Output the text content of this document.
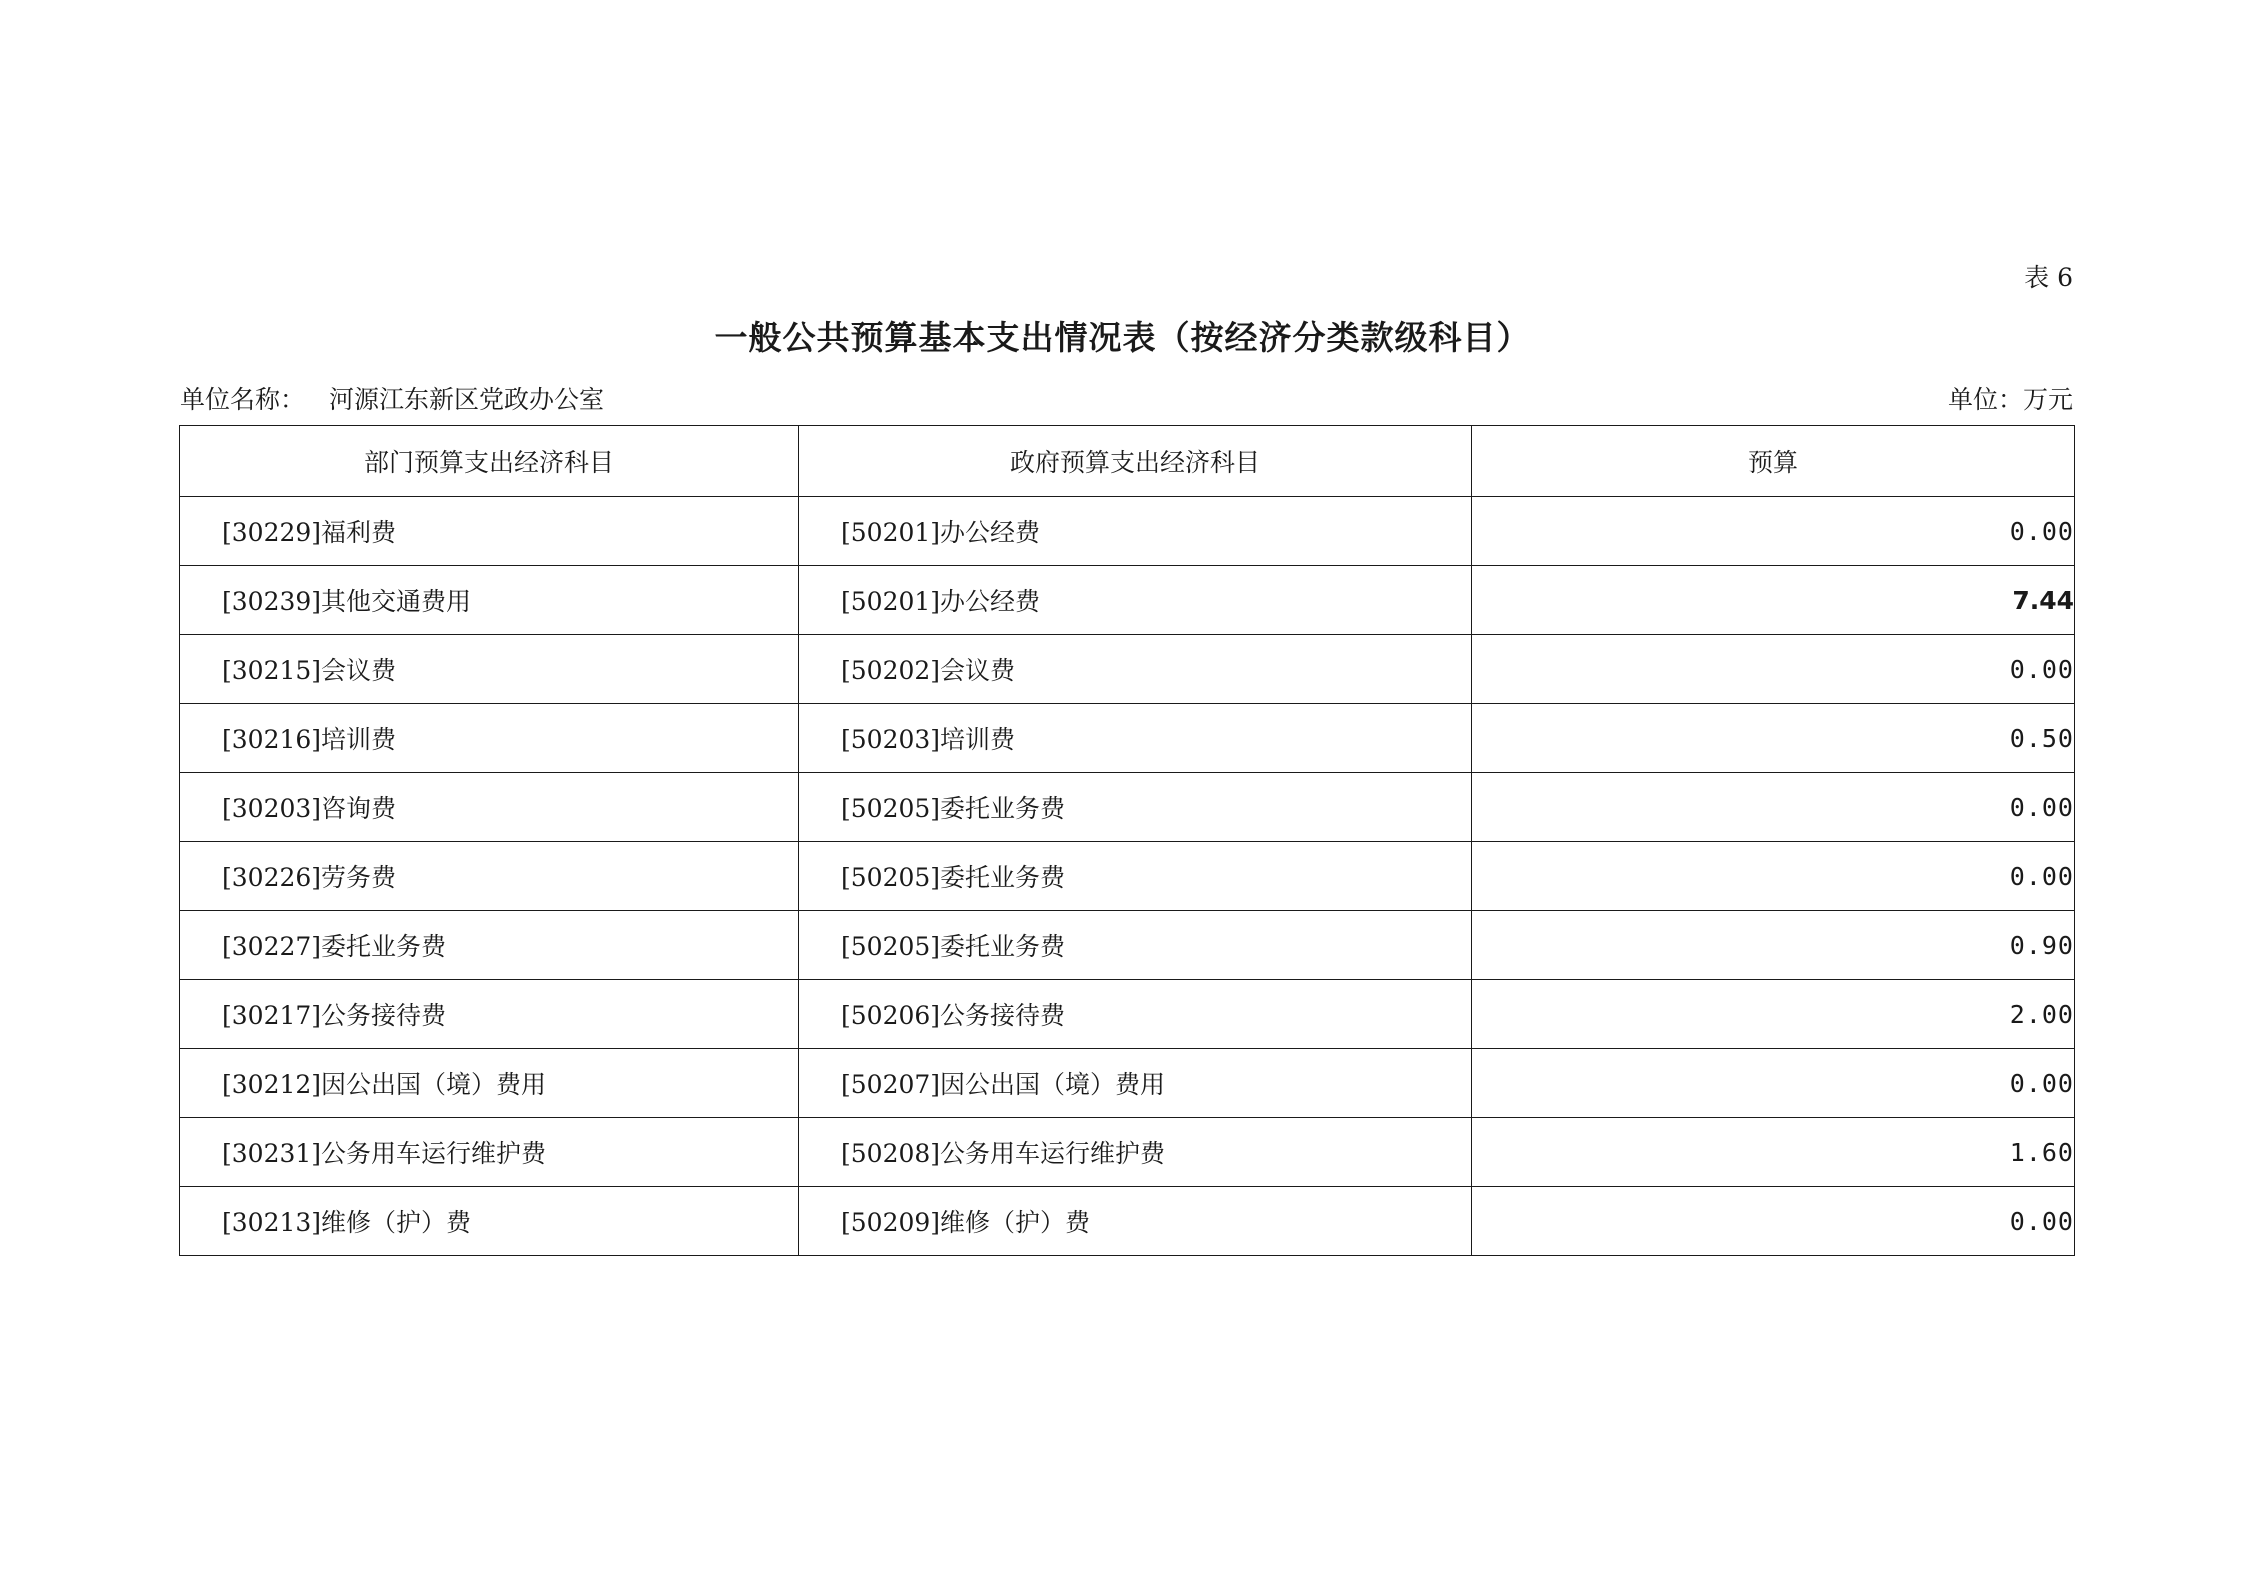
表 6
一般公共预算基本支出情况表（按经济分类款级科目）
单位名称： 河源江东新区党政办公室	单位：万元
部门预算支出经济科目	政府预算支出经济科目	预算
[30229]福利费	[50201]办公经费	0.00
[30239]其他交通费用	[50201]办公经费	7.44
[30215]会议费	[50202]会议费	0.00
[30216]培训费	[50203]培训费	0.50
[30203]咨询费	[50205]委托业务费	0.00
[30226]劳务费	[50205]委托业务费	0.00
[30227]委托业务费	[50205]委托业务费	0.90
[30217]公务接待费	[50206]公务接待费	2.00
[30212]因公出国（境）费用	[50207]因公出国（境）费用	0.00
[30231]公务用车运行维护费	[50208]公务用车运行维护费	1.60
[30213]维修（护）费	[50209]维修（护）费	0.00
